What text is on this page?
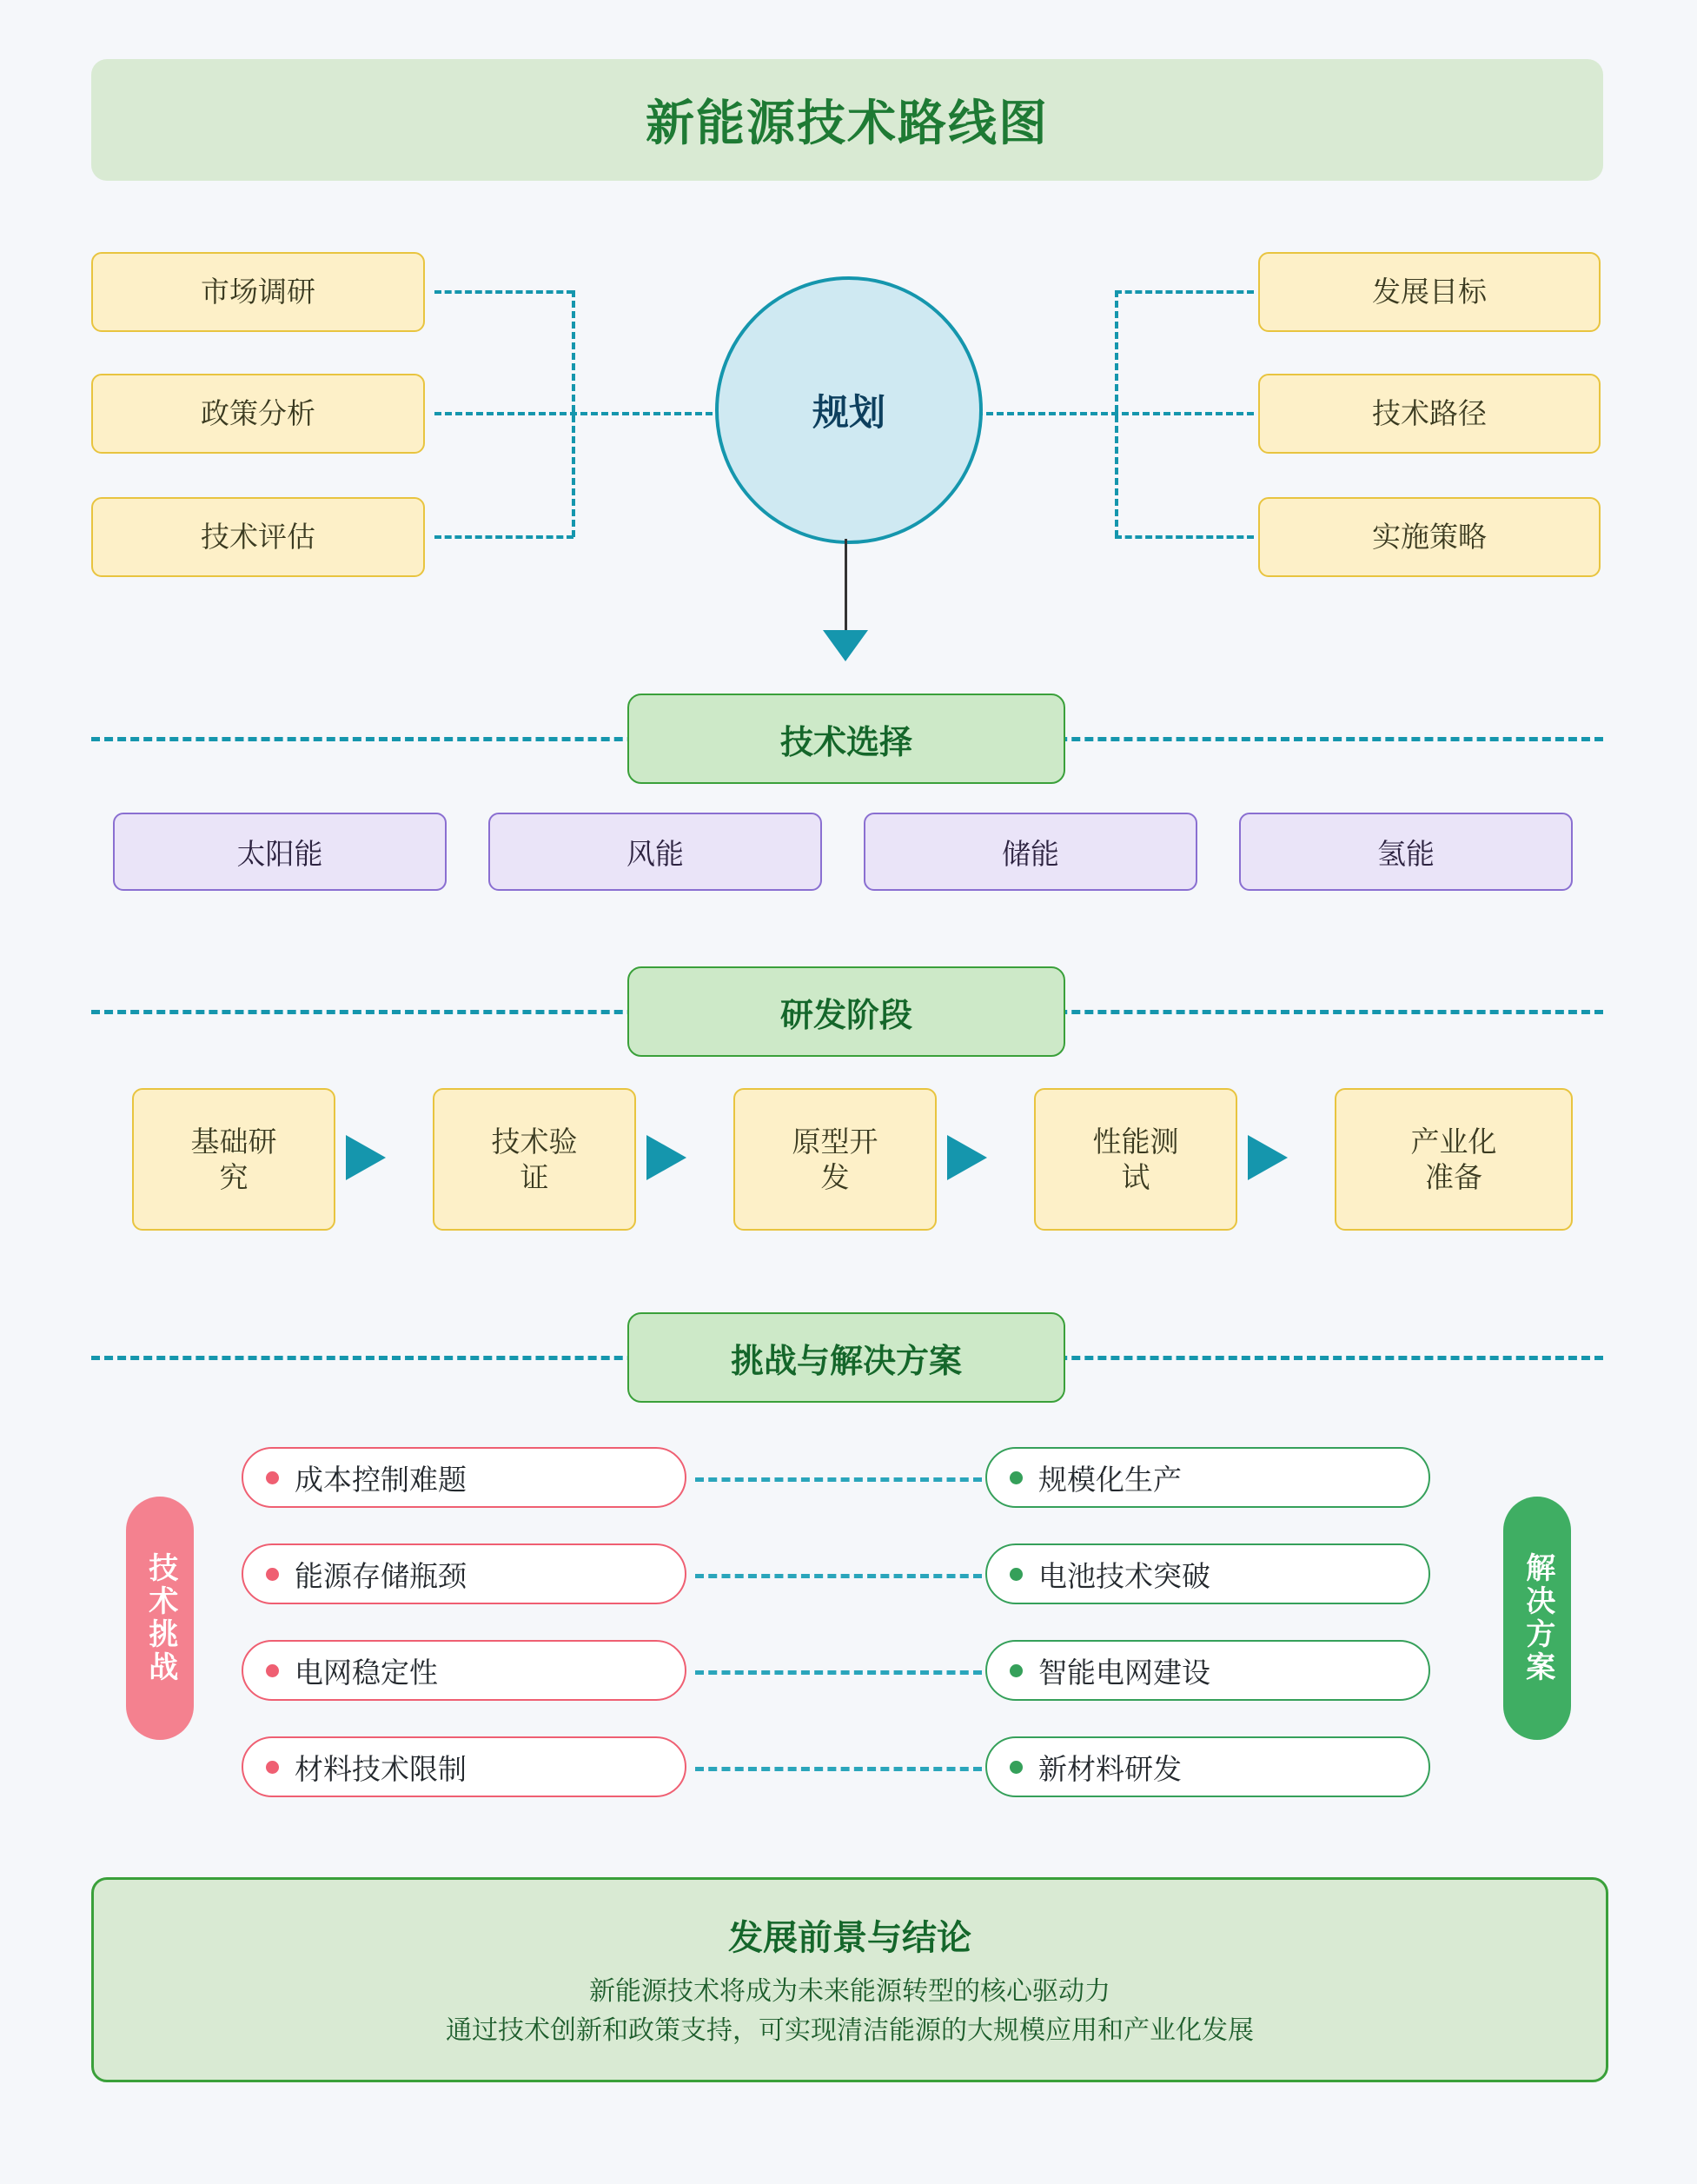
新能源技术路线图
市场调研
政策分析
技术评估
发展目标
技术路径
实施策略
规划
技术选择
太阳能	风能	储能	氢能
研发阶段
基础研
究
技术验
证
原型开
发
性能测
试
产业化
准备
挑战与解决方案
技术挑战	解决方案
成本控制难题	规模化生产
能源存储瓶颈	电池技术突破
电网稳定性	智能电网建设
材料技术限制	新材料研发
发展前景与结论
新能源技术将成为未来能源转型的核心驱动力
通过技术创新和政策支持，可实现清洁能源的大规模应用和产业化发展
